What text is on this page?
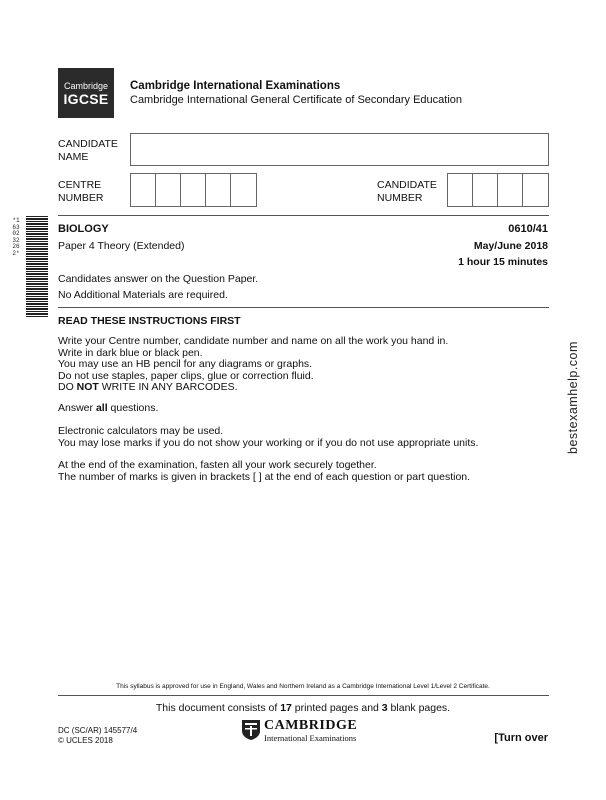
Cambridge
IGCSE
Cambridge International Examinations
Cambridge International General Certificate of Secondary Education
CANDIDATE
NAME
CENTRE
NUMBER
CANDIDATE
NUMBER
*1630232262*
BIOLOGY	0610/41
Paper 4 Theory (Extended)	May/June 2018
1 hour 15 minutes
Candidates answer on the Question Paper.
No Additional Materials are required.
READ THESE INSTRUCTIONS FIRST

Write your Centre number, candidate number and name on all the work you hand in.

Write in dark blue or black pen.

You may use an HB pencil for any diagrams or graphs.

Do not use staples, paper clips, glue or correction fluid.

DO NOT WRITE IN ANY BARCODES.

Answer all questions.

Electronic calculators may be used.

You may lose marks if you do not show your working or if you do not use appropriate units.

At the end of the examination, fasten all your work securely together.

The number of marks is given in brackets [ ] at the end of each question or part question.

bestexamhelp.com
This syllabus is approved for use in England, Wales and Northern Ireland as a Cambridge International Level 1/Level 2 Certificate.
This document consists of 17 printed pages and 3 blank pages.
DC (SC/AR) 145577/4
© UCLES 2018
CAMBRIDGE
International Examinations	[Turn over
